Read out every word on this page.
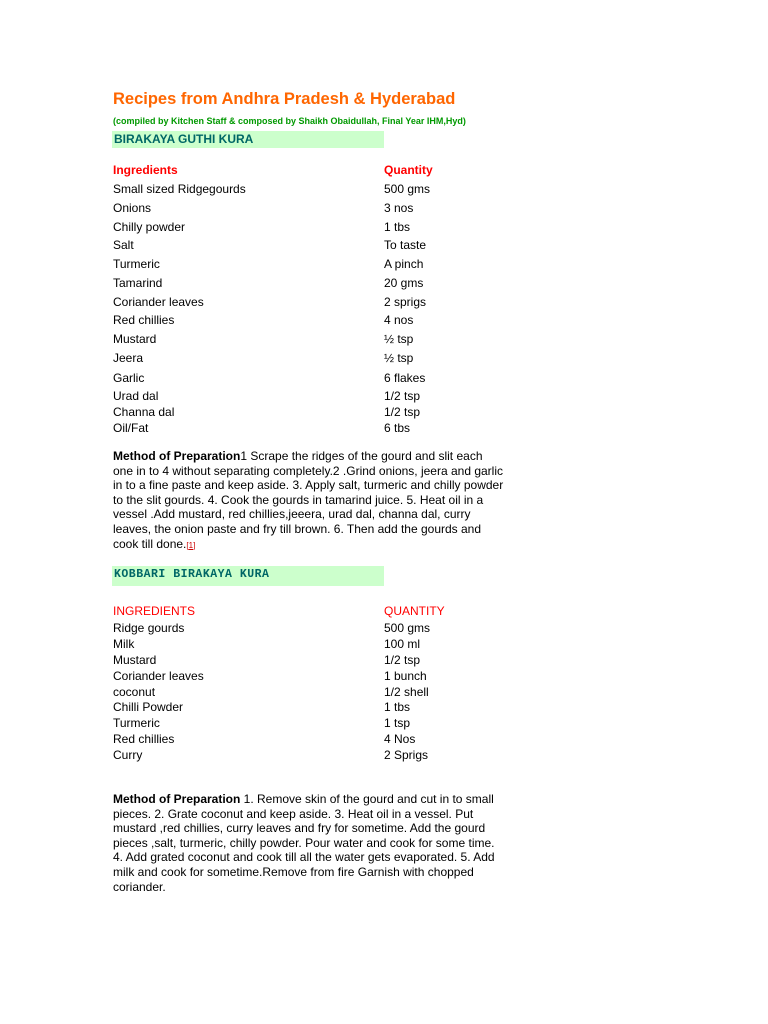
Recipes from Andhra Pradesh & Hyderabad
(compiled by Kitchen Staff & composed by Shaikh Obaidullah, Final Year IHM,Hyd)
BIRAKAYA GUTHI KURA
Ingredients	Quantity
Small sized Ridgegourds	500 gms
Onions	3 nos
Chilly powder	1 tbs
Salt	To taste
Turmeric	A pinch
Tamarind	20 gms
Coriander leaves	2 sprigs
Red chillies	4 nos
Mustard	½ tsp
Jeera	½ tsp
Garlic	6 flakes
Urad dal	1/2 tsp
Channa dal	1/2 tsp
Oil/Fat	6 tbs
Method of Preparation1 Scrape the ridges of the gourd and slit each one in to 4 without separating completely.2 .Grind onions, jeera and garlic in to a fine paste and keep aside. 3. Apply salt, turmeric and chilly powder to the slit gourds. 4. Cook the gourds in tamarind juice. 5. Heat oil in a vessel .Add mustard, red chillies,jeeera, urad dal, channa dal, curry leaves, the onion paste and fry till brown. 6. Then add the gourds and cook till done.[1]
KOBBARI BIRAKAYA KURA
INGREDIENTS	QUANTITY
Ridge gourds	500 gms
Milk	100 ml
Mustard	1/2 tsp
Coriander leaves	1 bunch
coconut	1/2 shell
Chilli Powder	1 tbs
Turmeric	1 tsp
Red chillies	4 Nos
Curry	2 Sprigs
Method of Preparation 1. Remove skin of the gourd and cut in to small pieces. 2. Grate coconut and keep aside. 3. Heat oil in a vessel. Put mustard ,red chillies, curry leaves and fry for sometime. Add the gourd pieces ,salt, turmeric, chilly powder. Pour water and cook for some time. 4. Add grated coconut and cook till all the water gets evaporated. 5. Add milk and cook for sometime.Remove from fire Garnish with chopped coriander.
